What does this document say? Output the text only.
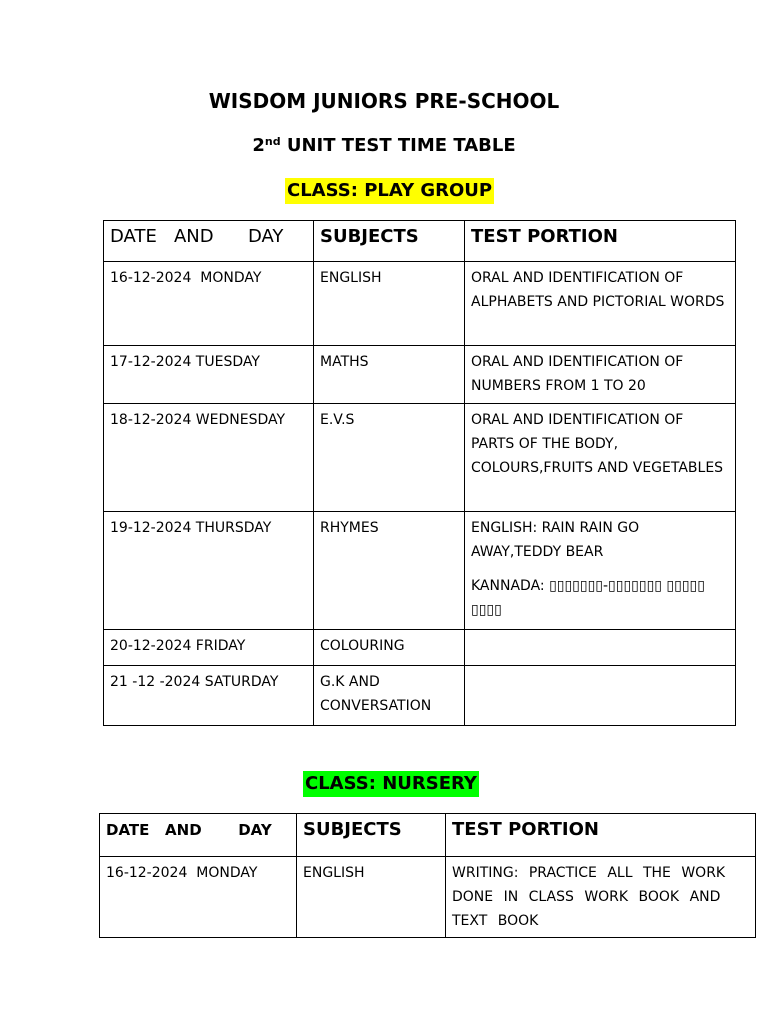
WISDOM JUNIORS PRE-SCHOOL
2nd UNIT TEST TIME TABLE
CLASS: PLAY GROUP
DATE   AND      DAY	SUBJECTS	TEST PORTION
16-12-2024  MONDAY	ENGLISH	ORAL AND IDENTIFICATION OF ALPHABETS AND PICTORIAL WORDS
17-12-2024 TUESDAY	MATHS	ORAL AND IDENTIFICATION OF NUMBERS FROM 1 TO 20
18-12-2024 WEDNESDAY	E.V.S	ORAL AND IDENTIFICATION OF PARTS OF THE BODY, COLOURS,FRUITS AND VEGETABLES
19-12-2024 THURSDAY	RHYMES	ENGLISH: RAIN RAIN GO AWAY,TEDDY BEAR
KANNADA: ▯▯▯▯▯▯▯-▯▯▯▯▯▯▯ ▯▯▯▯▯ ▯▯▯▯

20-12-2024 FRIDAY	COLOURING	
21 -12 -2024 SATURDAY	G.K AND CONVERSATION	
CLASS: NURSERY
DATE   AND       DAY	SUBJECTS	TEST PORTION
16-12-2024  MONDAY	ENGLISH	WRITING: PRACTICE ALL THE WORK DONE IN CLASS WORK BOOK AND TEXT BOOK
